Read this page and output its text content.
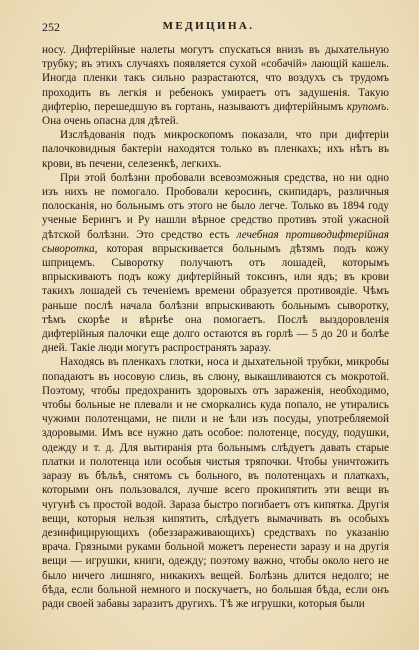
252	МЕДИЦИНА.

носу. Дифтерійные налеты могутъ спускаться внизъ въ дыхательную трубку; въ этихъ случаяхъ появляется сухой «собачій» лающій кашель. Иногда пленки такъ сильно разрастаются, что воздухъ съ трудомъ проходить въ легкія и ребенокъ умираетъ отъ задушенія. Такую дифтерію, перешедшую въ гортань, называютъ дифтерійнымъ крупомъ. Она очень опасна для дѣтей.

Изслѣдованія подъ микроскопомъ показали, что при дифтеріи палочковидныя бактеріи находятся только въ пленкахъ; ихъ нѣтъ въ крови, въ печени, селезенкѣ, легкихъ.

При этой болѣзни пробовали всевозможныя средства, но ни одно изъ нихъ не помогало. Пробовали керосинъ, скипидаръ, различныя полосканія, но больнымъ отъ этого не было легче. Только въ 1894 году ученые Берингъ и Ру нашли вѣрное средство противъ этой ужасной дѣтской болѣзни. Это средство есть лечебная противодифтерійная сыворотка, которая впрыскивается больнымъ дѣтямъ подъ кожу шприцемъ. Сыворотку получаютъ отъ лошадей, которымъ впрыскиваютъ подъ кожу дифтерійный токсинъ, или ядъ; въ крови такихъ лошадей съ теченіемъ времени образуется противоядіе. Чѣмъ раньше послѣ начала болѣзни впрыскивають больнымъ сыворотку, тѣмъ скорѣе и вѣрнѣе она помогаетъ. Послѣ выздоровленія дифтерійныя палочки еще долго остаются въ горлѣ — 5 до 20 и болѣе дней. Такіе люди могутъ распространять заразу.

Находясь въ пленкахъ глотки, носа и дыхательной трубки, микробы попадаютъ въ носовую слизь, въ слюну, выкашливаются съ мокротой. Поэтому, чтобы предохранить здоровыхъ отъ зараженія, необходимо, чтобы больные не плевали и не сморкались куда попало, не утирались чужими полотенцами, не пили и не ѣли изъ посуды, употребляемой здоровыми. Имъ все нужно дать особое: полотенце, посуду, подушки, одежду и т. д. Для вытиранія рта больнымъ слѣдуетъ давать старые платки и полотенца или особыя чистыя тряпочки. Чтобы уничтожить заразу въ бѣльѣ, снятомъ съ больного, въ полотенцахъ и платкахъ, которыми онъ пользовался, лучше всего прокипятить эти вещи въ чугунѣ съ простой водой. Зараза быстро погибаетъ отъ кипятка. Другія вещи, которыя нельзя кипятить, слѣдуетъ вымачивать въ особыхъ дезинфицирующихъ (обеззараживающихъ) средствахъ по указанію врача. Грязными руками больной можетъ перенести заразу и на другія вещи — игрушки, книги, одежду; поэтому важно, чтобы около него не было ничего лишняго, никакихъ вещей. Болѣзнь длится недолго; не бѣда, если больной немного и поскучаетъ, но большая бѣда, если онъ ради своей забавы заразитъ другихъ. Тѣ же игрушки, которыя были
